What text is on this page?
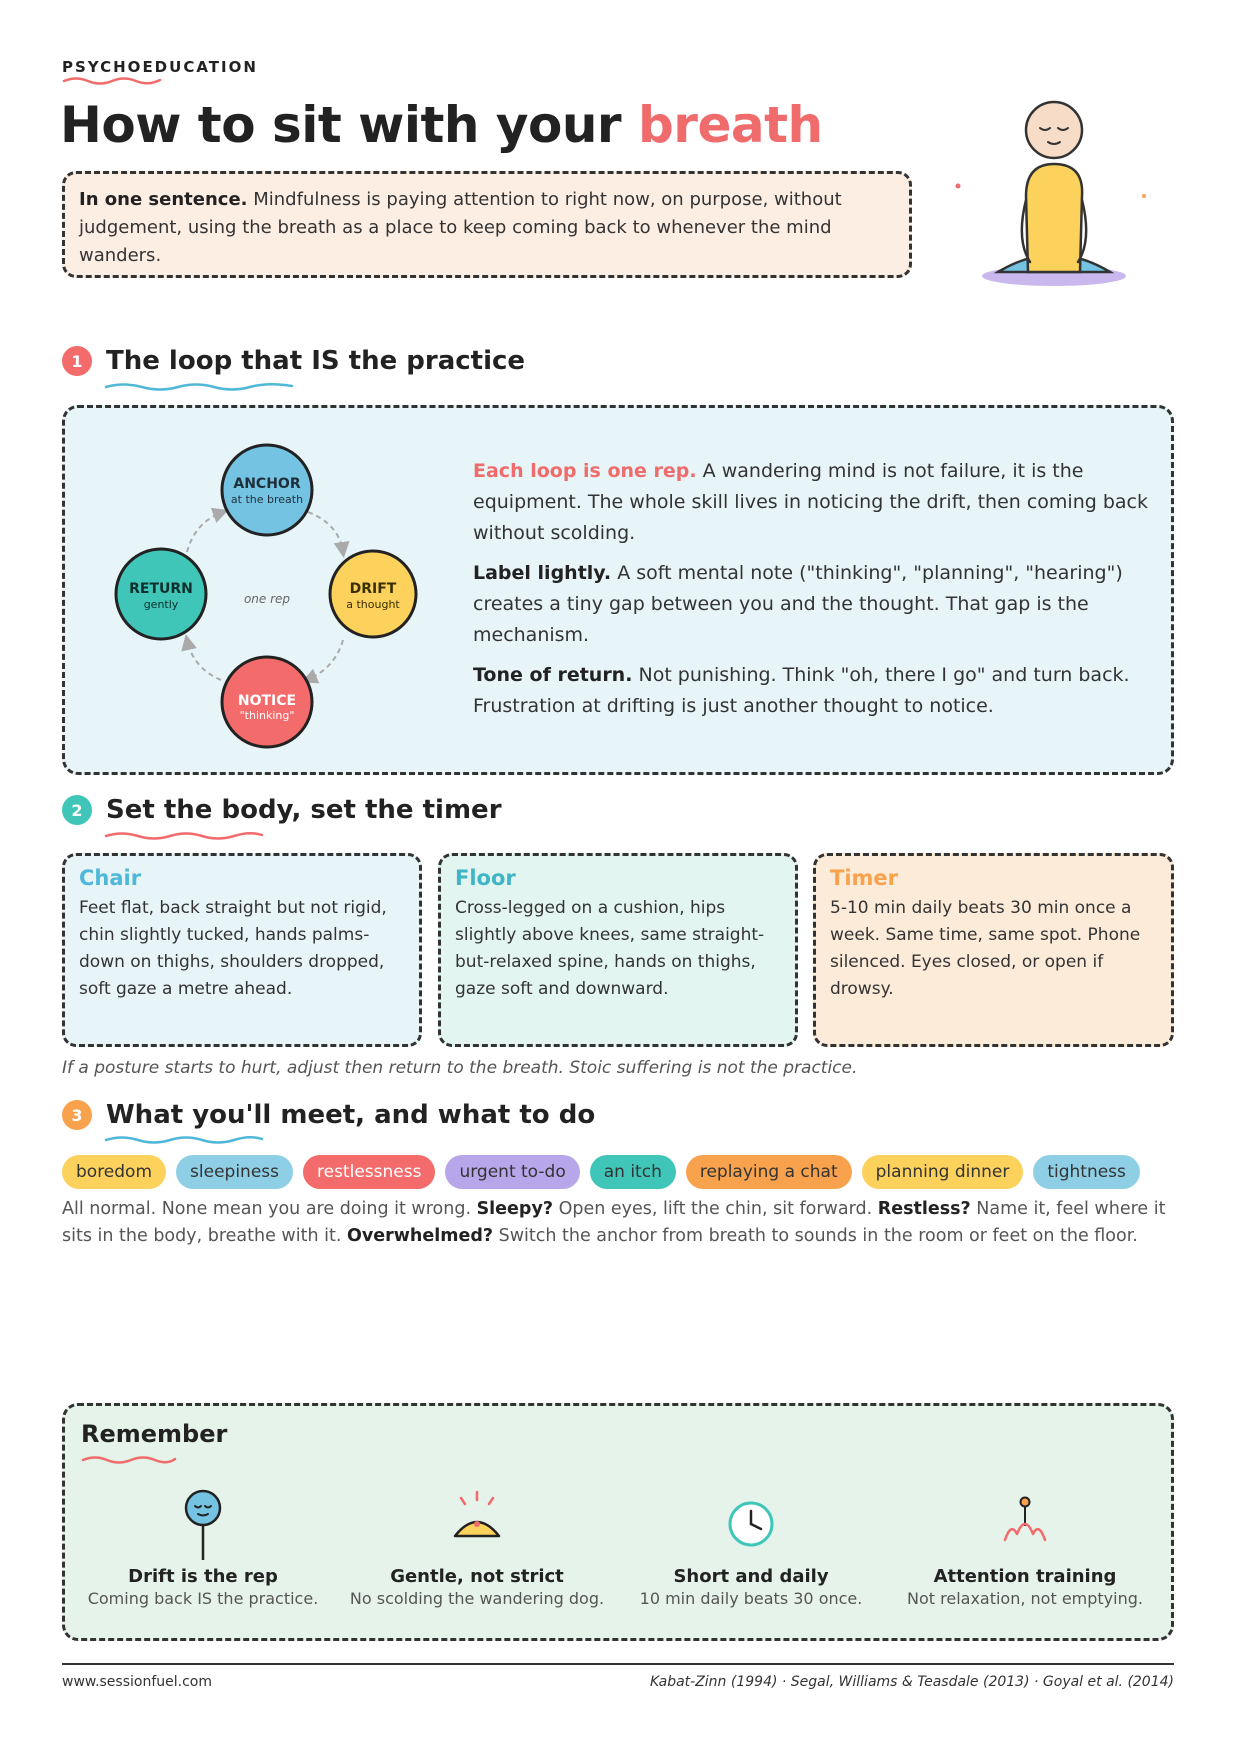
PSYCHOEDUCATION
How to sit with your breath
In one sentence. Mindfulness is paying attention to right now, on purpose, without judgement, using the breath as a place to keep coming back to whenever the mind wanders.
1 The loop that IS the practice
one rep
ANCHOR
at the breath
DRIFT
a thought
NOTICE
"thinking"
RETURN
gently

Each loop is one rep. A wandering mind is not failure, it is the equipment. The whole skill lives in noticing the drift, then coming back without scolding.

Label lightly. A soft mental note ("thinking", "planning", "hearing") creates a tiny gap between you and the thought. That gap is the mechanism.

Tone of return. Not punishing. Think "oh, there I go" and turn back. Frustration at drifting is just another thought to notice.

2 Set the body, set the timer
Chair
Feet flat, back straight but not rigid, chin slightly tucked, hands palms-down on thighs, shoulders dropped, soft gaze a metre ahead.
Floor
Cross-legged on a cushion, hips slightly above knees, same straight-but-relaxed spine, hands on thighs, gaze soft and downward.
Timer
5-10 min daily beats 30 min once a week. Same time, same spot. Phone silenced. Eyes closed, or open if drowsy.
If a posture starts to hurt, adjust then return to the breath. Stoic suffering is not the practice.
3 What you'll meet, and what to do
boredom	sleepiness	restlessness	urgent to-do	an itch	replaying a chat	planning dinner	tightness
All normal. None mean you are doing it wrong. Sleepy? Open eyes, lift the chin, sit forward. Restless? Name it, feel where it sits in the body, breathe with it. Overwhelmed? Switch the anchor from breath to sounds in the room or feet on the floor.
Remember
Drift is the rep
Coming back IS the practice.
Gentle, not strict
No scolding the wandering dog.
Short and daily
10 min daily beats 30 once.
Attention training
Not relaxation, not emptying.
www.sessionfuel.com	Kabat-Zinn (1994) · Segal, Williams & Teasdale (2013) · Goyal et al. (2014)
